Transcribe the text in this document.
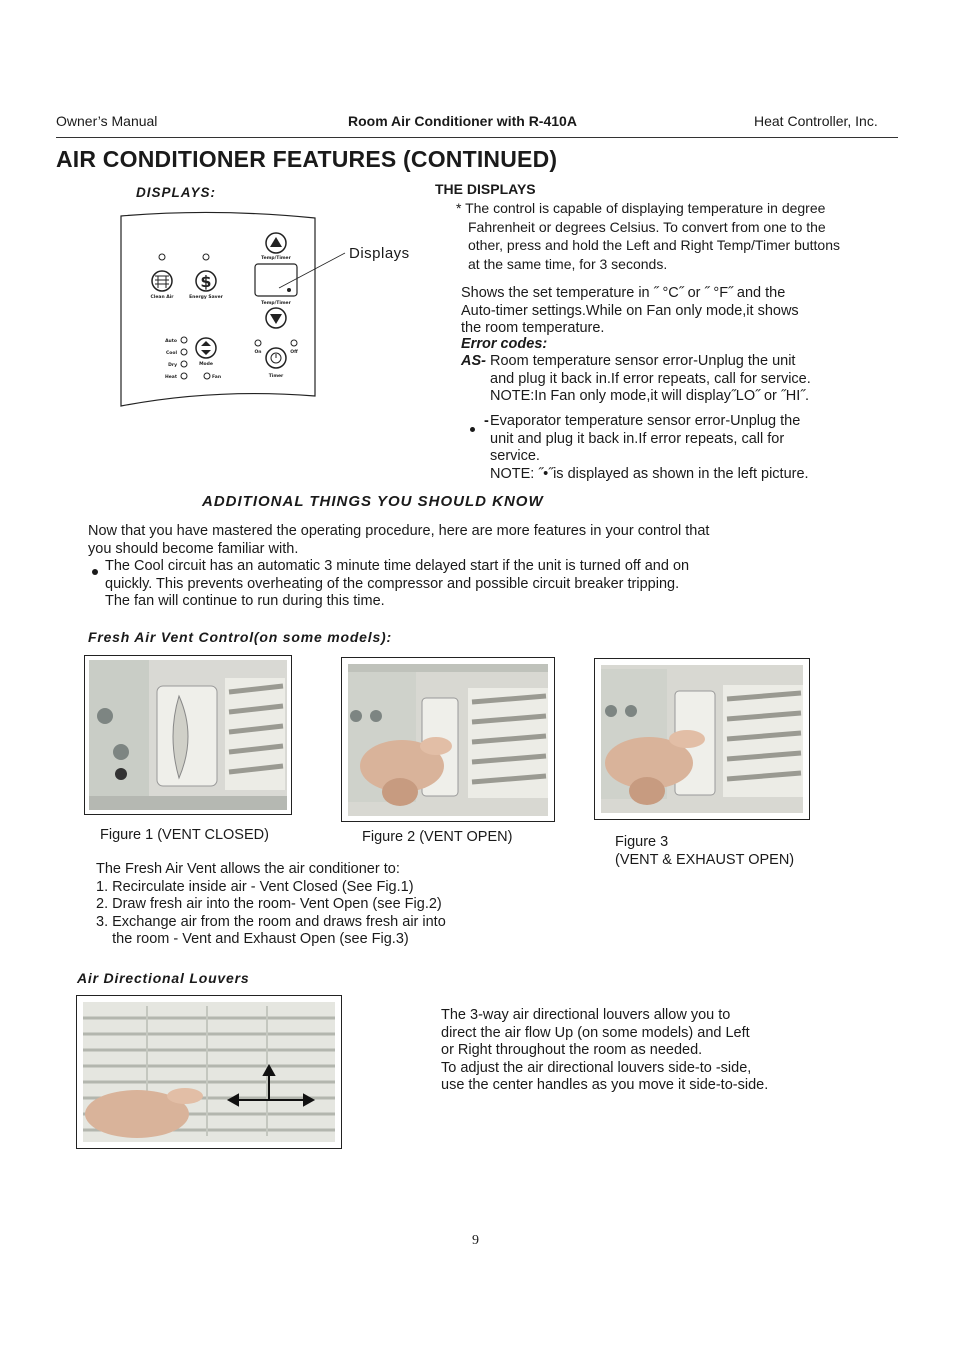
Owner’s Manual	Room Air Conditioner with R-410A	Heat Controller, Inc.
AIR CONDITIONER FEATURES (CONTINUED)
DISPLAYS:
$
Clean Air	Energy Saver
Temp/Timer
Temp/Timer
Auto
Cool
Dry
Heat	Fan
Mode
On	Off
Timer
Displays
THE DISPLAYS
* The control is capable of displaying temperature in degree
Fahrenheit or degrees Celsius. To convert from one to the
other, press and hold the Left and Right Temp/Timer buttons
at the same time, for 3 seconds.
Shows the set temperature in ˝ °C˝ or ˝ °F˝ and the
Auto-timer settings.While on Fan only mode,it shows
the room temperature.
Error codes:
AS- Room temperature sensor error-Unplug the unit
and plug it back in.If error repeats, call for service.
NOTE:In Fan only mode,it will display˝LO˝ or ˝HI˝.
- Evaporator temperature sensor error-Unplug the
unit and plug it back in.If error repeats, call for
service.
NOTE: ˝•˝is displayed as shown in the left picture.
ADDITIONAL THINGS YOU SHOULD KNOW
Now that you have mastered the operating procedure, here are more features in your control that
you should become familiar with.
The Cool circuit has an automatic 3 minute time delayed start if the unit is turned off and on
quickly. This prevents overheating of the compressor and possible circuit breaker tripping.
The fan will continue to run during this time.
Fresh Air Vent Control(on some models):
Figure 1 (VENT CLOSED)	Figure 2 (VENT OPEN)	Figure 3
(VENT & EXHAUST OPEN)
The Fresh Air Vent allows the air conditioner to:
1. Recirculate inside air - Vent Closed (See Fig.1)
2. Draw fresh air into the room- Vent Open (see Fig.2)
3. Exchange air from the room and draws fresh air into
the room - Vent and Exhaust Open (see Fig.3)
Air Directional Louvers
The 3-way air directional louvers allow you to
direct the air flow Up (on some models) and Left
or Right throughout the room as needed.
To adjust the air directional louvers side-to -side,
use the center handles as you move it side-to-side.
9
